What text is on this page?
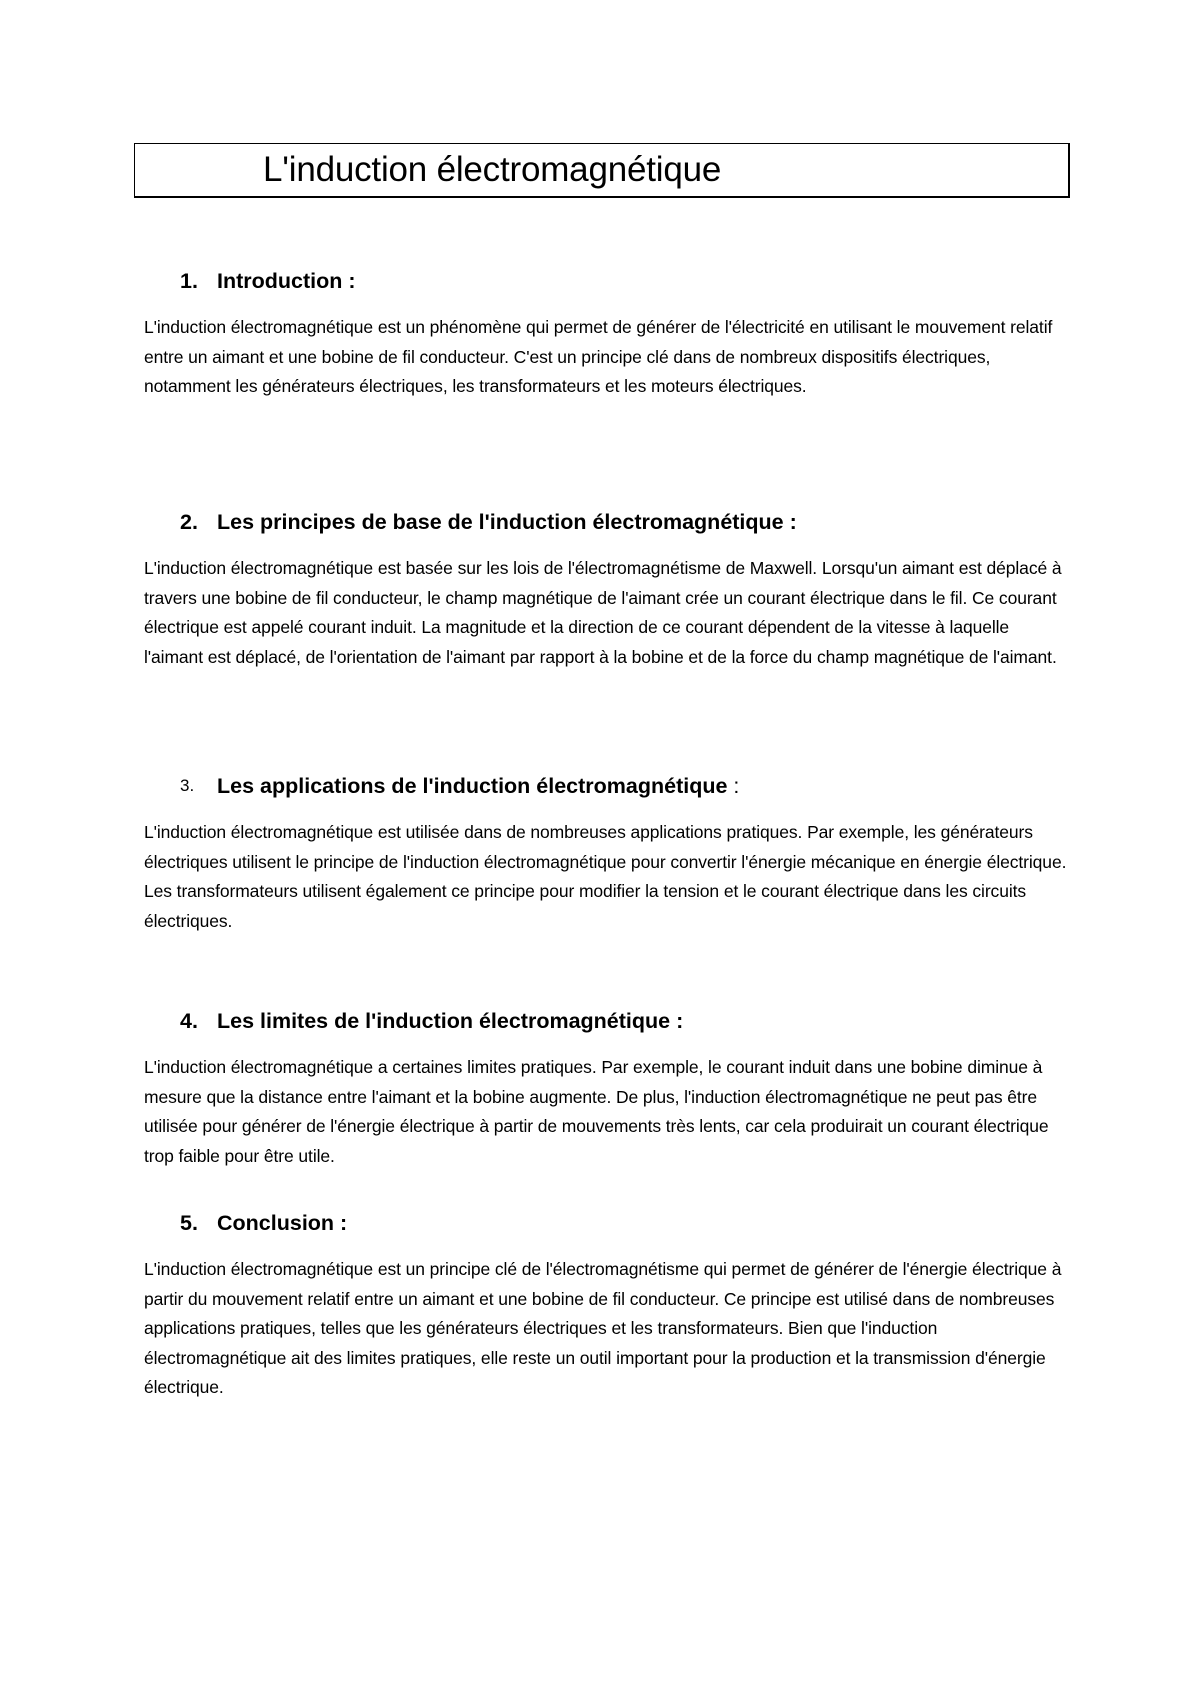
L'induction électromagnétique
1. Introduction :

L'induction électromagnétique est un phénomène qui permet de générer de l'électricité en utilisant le mouvement relatif entre un aimant et une bobine de fil conducteur. C'est un principe clé dans de nombreux dispositifs électriques, notamment les générateurs électriques, les transformateurs et les moteurs électriques.

2. Les principes de base de l'induction électromagnétique :

L'induction électromagnétique est basée sur les lois de l'électromagnétisme de Maxwell. Lorsqu'un aimant est déplacé à travers une bobine de fil conducteur, le champ magnétique de l'aimant crée un courant électrique dans le fil. Ce courant électrique est appelé courant induit. La magnitude et la direction de ce courant dépendent de la vitesse à laquelle l'aimant est déplacé, de l'orientation de l'aimant par rapport à la bobine et de la force du champ magnétique de l'aimant.

3. Les applications de l'induction électromagnétique :

L'induction électromagnétique est utilisée dans de nombreuses applications pratiques. Par exemple, les générateurs électriques utilisent le principe de l'induction électromagnétique pour convertir l'énergie mécanique en énergie électrique. Les transformateurs utilisent également ce principe pour modifier la tension et le courant électrique dans les circuits électriques.

4. Les limites de l'induction électromagnétique :

L'induction électromagnétique a certaines limites pratiques. Par exemple, le courant induit dans une bobine diminue à mesure que la distance entre l'aimant et la bobine augmente. De plus, l'induction électromagnétique ne peut pas être utilisée pour générer de l'énergie électrique à partir de mouvements très lents, car cela produirait un courant électrique trop faible pour être utile.

5. Conclusion :

L'induction électromagnétique est un principe clé de l'électromagnétisme qui permet de générer de l'énergie électrique à partir du mouvement relatif entre un aimant et une bobine de fil conducteur. Ce principe est utilisé dans de nombreuses applications pratiques, telles que les générateurs électriques et les transformateurs. Bien que l'induction électromagnétique ait des limites pratiques, elle reste un outil important pour la production et la transmission d'énergie électrique.
